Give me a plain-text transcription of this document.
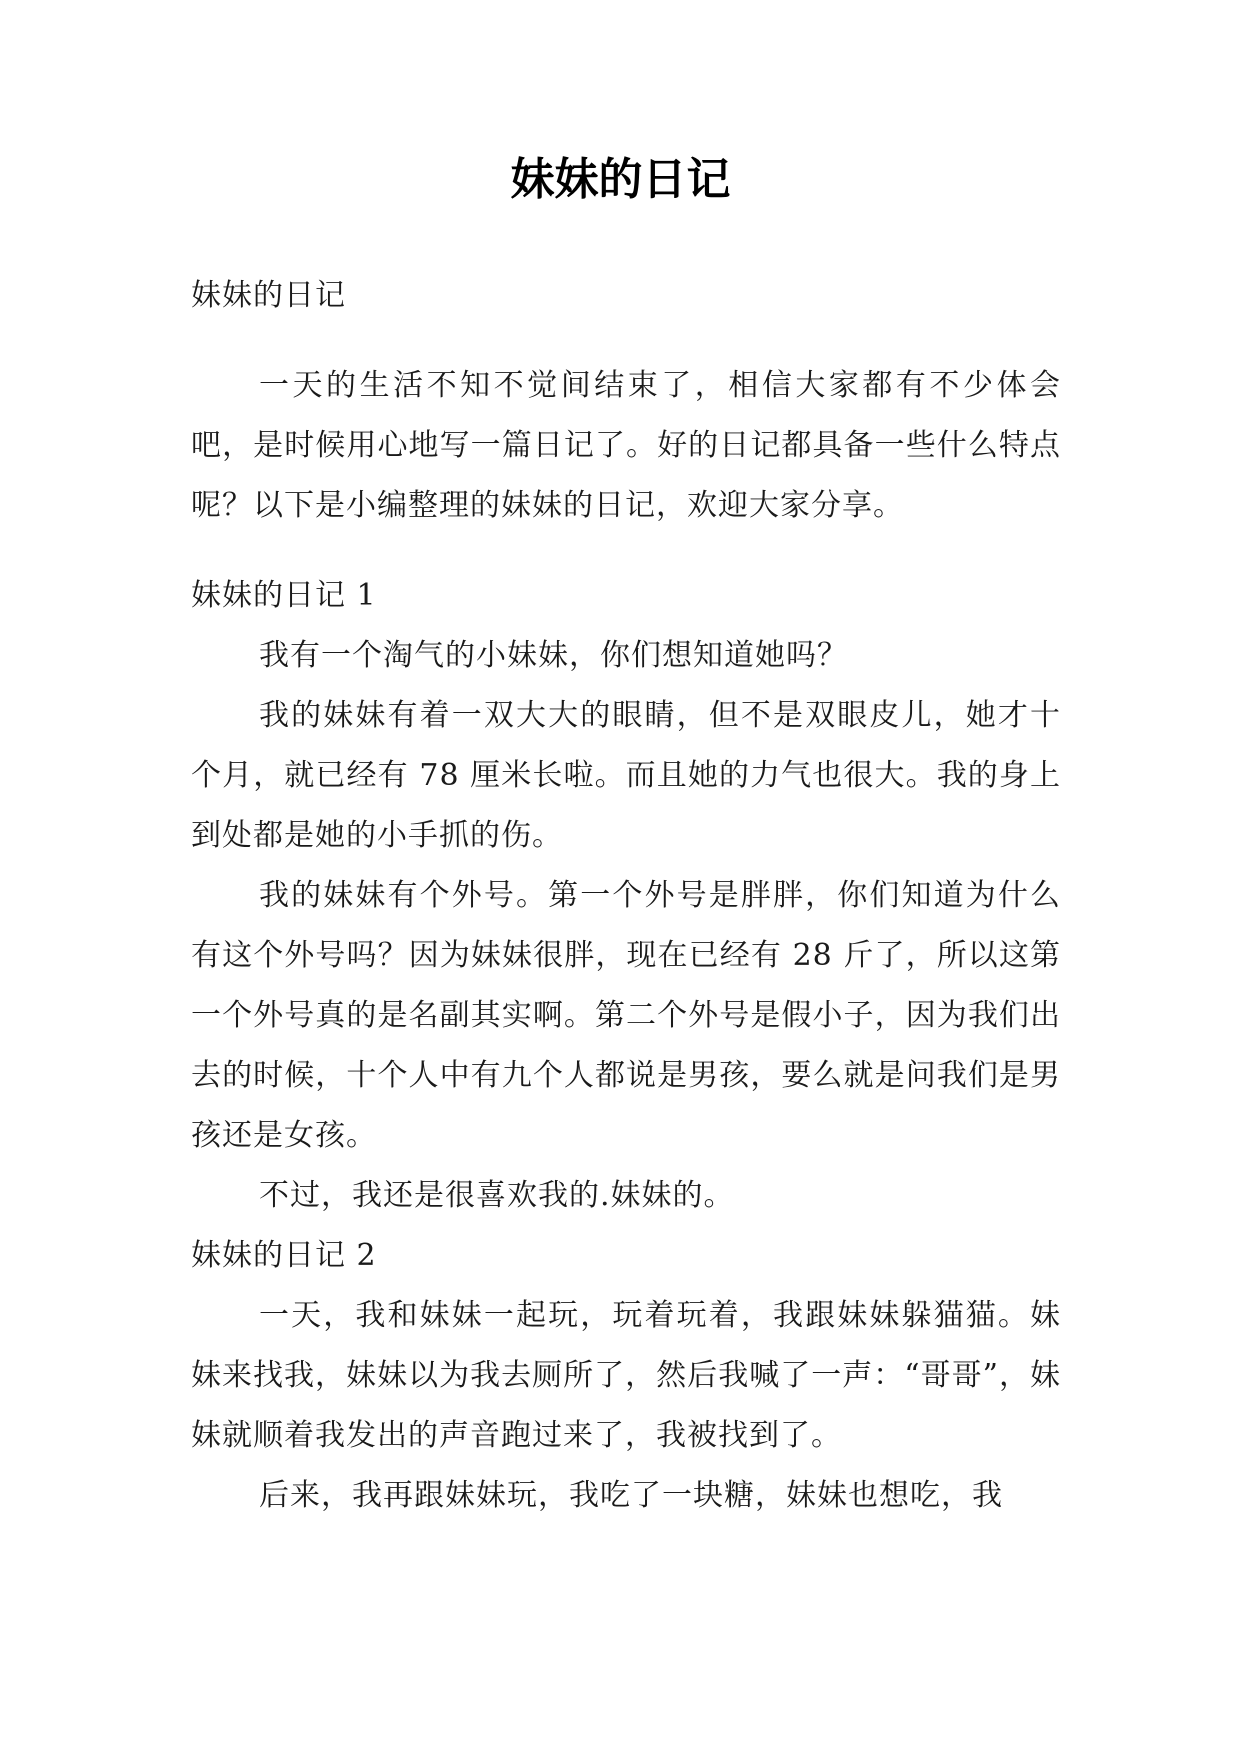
妹妹的日记
妹妹的日记

一天的生活不知不觉间结束了，相信大家都有不少体会吧，是时候用心地写一篇日记了。好的日记都具备一些什么特点呢？以下是小编整理的妹妹的日记，欢迎大家分享。

妹妹的日记 1

我有一个淘气的小妹妹，你们想知道她吗？

我的妹妹有着一双大大的眼睛，但不是双眼皮儿，她才十个月，就已经有 78 厘米长啦。而且她的力气也很大。我的身上到处都是她的小手抓的伤。

我的妹妹有个外号。第一个外号是胖胖，你们知道为什么有这个外号吗？因为妹妹很胖，现在已经有 28 斤了，所以这第一个外号真的是名副其实啊。第二个外号是假小子，因为我们出去的时候，十个人中有九个人都说是男孩，要么就是问我们是男孩还是女孩。

不过，我还是很喜欢我的.妹妹的。

妹妹的日记 2

一天，我和妹妹一起玩，玩着玩着，我跟妹妹躲猫猫。妹妹来找我，妹妹以为我去厕所了，然后我喊了一声：“哥哥”，妹妹就顺着我发出的声音跑过来了，我被找到了。

后来，我再跟妹妹玩，我吃了一块糖，妹妹也想吃，我
